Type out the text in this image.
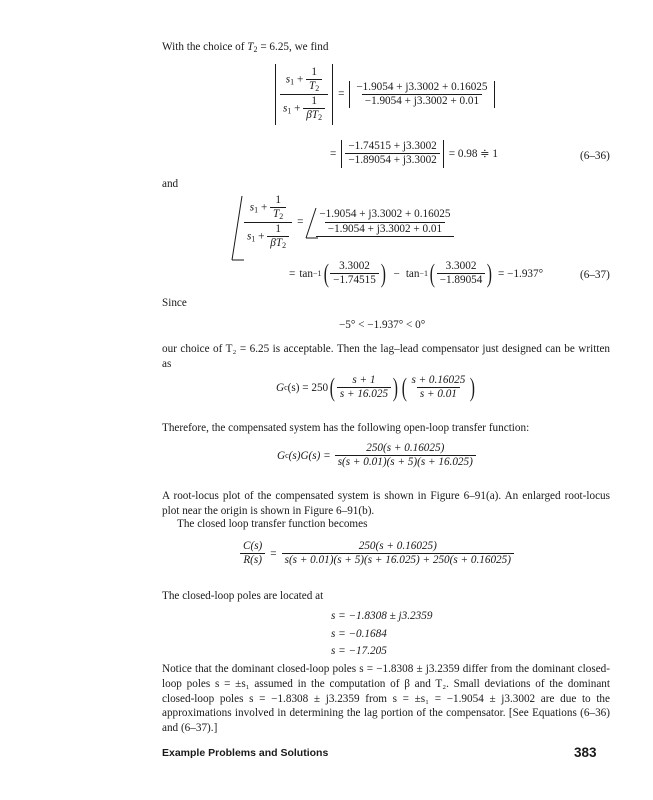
With the choice of $T_2 = 6.25$, we find
$\frac{s_1 + \frac{1}{T_2}}{s_1 + \frac{1}{\beta T_2}} = \frac{-1.9054 + j3.3002 + 0.16025}{-1.9054 + j3.3002 + 0.01}$
= $\frac{-1.74515 + j3.3002}{-1.89054 + j3.3002} = 0.98$ ≑ 1	(6–36)
and
$\frac{s_1 + \frac{1}{T_2}}{s_1 + \frac{1}{\beta T_2}} = \frac{-1.9054 + j3.3002 + 0.16025}{-1.9054 + j3.3002 + 0.01}$
= tan −1 ( $\frac{3.3002}{-1.74515}$ ) − tan −1 ( $\frac{3.3002}{-1.89054}$ ) = −1.937°	(6–37)
Since
−5° < −1.937° < 0°
our choice of T₂ = 6.25 is acceptable. Then the lag–lead compensator just designed can be written as
G c (s) = 250 ( $\frac{s + 1}{s + 16.025}$ ) ( $\frac{s + 0.16025}{s + 0.01}$ )
Therefore, the compensated system has the following open-loop transfer function:
G c $(s)G(s) = \frac{250(s + 0.16025)}{s(s + 0.01)(s + 5)(s + 16.025)}$
A root-locus plot of the compensated system is shown in Figure 6–91(a). An enlarged root-locus plot near the origin is shown in Figure 6–91(b).
The closed loop transfer function becomes
$\frac{C(s)}{R(s)} = \frac{250(s + 0.16025)}{s(s + 0.01)(s + 5)(s + 16.025) + 250(s + 0.16025)}$
The closed-loop poles are located at
s = −1.8308 ± j3.2359
s = −0.1684
s = −17.205
Notice that the dominant closed-loop poles s = −1.8308 ± j3.2359 differ from the dominant closed-loop poles s = ±s₁ assumed in the computation of β and T₂. Small deviations of the dominant closed-loop poles s = −1.8308 ± j3.2359 from s = ±s₁ = −1.9054 ± j3.3002 are due to the approximations involved in determining the lag portion of the compensator. [See Equations (6–36) and (6–37).]
Example Problems and Solutions	383
